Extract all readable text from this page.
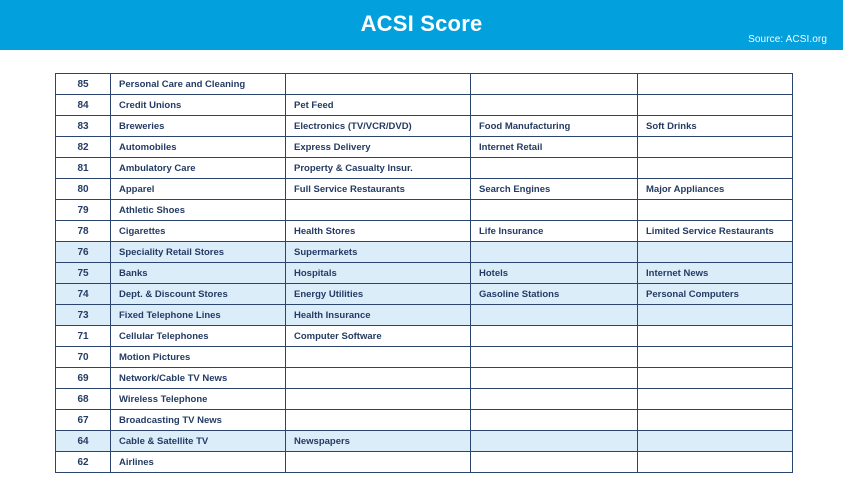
ACSI Score
Source: ACSI.org
85	Personal Care and Cleaning			
84	Credit Unions	Pet Feed		
83	Breweries	Electronics (TV/VCR/DVD)	Food Manufacturing	Soft Drinks
82	Automobiles	Express Delivery	Internet Retail	
81	Ambulatory Care	Property & Casualty Insur.		
80	Apparel	Full Service Restaurants	Search Engines	Major Appliances
79	Athletic Shoes			
78	Cigarettes	Health Stores	Life Insurance	Limited Service Restaurants
76	Speciality Retail Stores	Supermarkets		
75	Banks	Hospitals	Hotels	Internet News
74	Dept. & Discount Stores	Energy Utilities	Gasoline Stations	Personal Computers
73	Fixed Telephone Lines	Health Insurance		
71	Cellular Telephones	Computer Software		
70	Motion Pictures			
69	Network/Cable TV News			
68	Wireless Telephone			
67	Broadcasting TV News			
64	Cable & Satellite TV	Newspapers		
62	Airlines			
